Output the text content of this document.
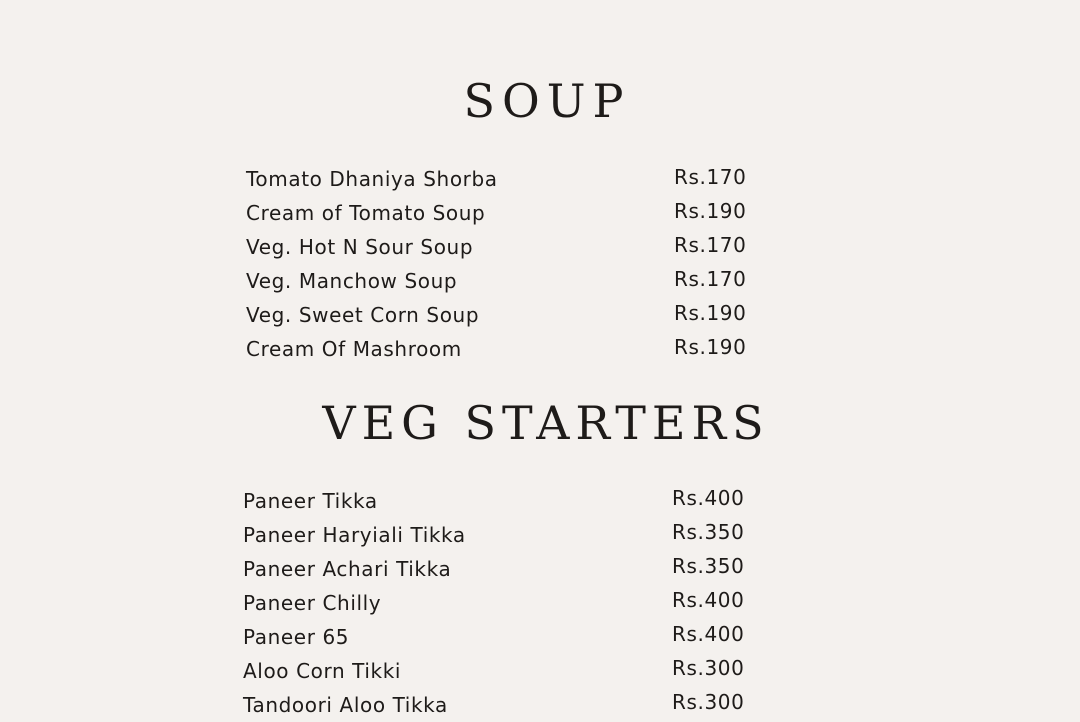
SOUP
Tomato Dhaniya Shorba	Rs.170
Cream of Tomato Soup	Rs.190
Veg. Hot N Sour Soup	Rs.170
Veg. Manchow Soup	Rs.170
Veg. Sweet Corn Soup	Rs.190
Cream Of Mashroom	Rs.190
VEG STARTERS
Paneer Tikka	Rs.400
Paneer Haryiali Tikka	Rs.350
Paneer Achari Tikka	Rs.350
Paneer Chilly	Rs.400
Paneer 65	Rs.400
Aloo Corn Tikki	Rs.300
Tandoori Aloo Tikka	Rs.300
